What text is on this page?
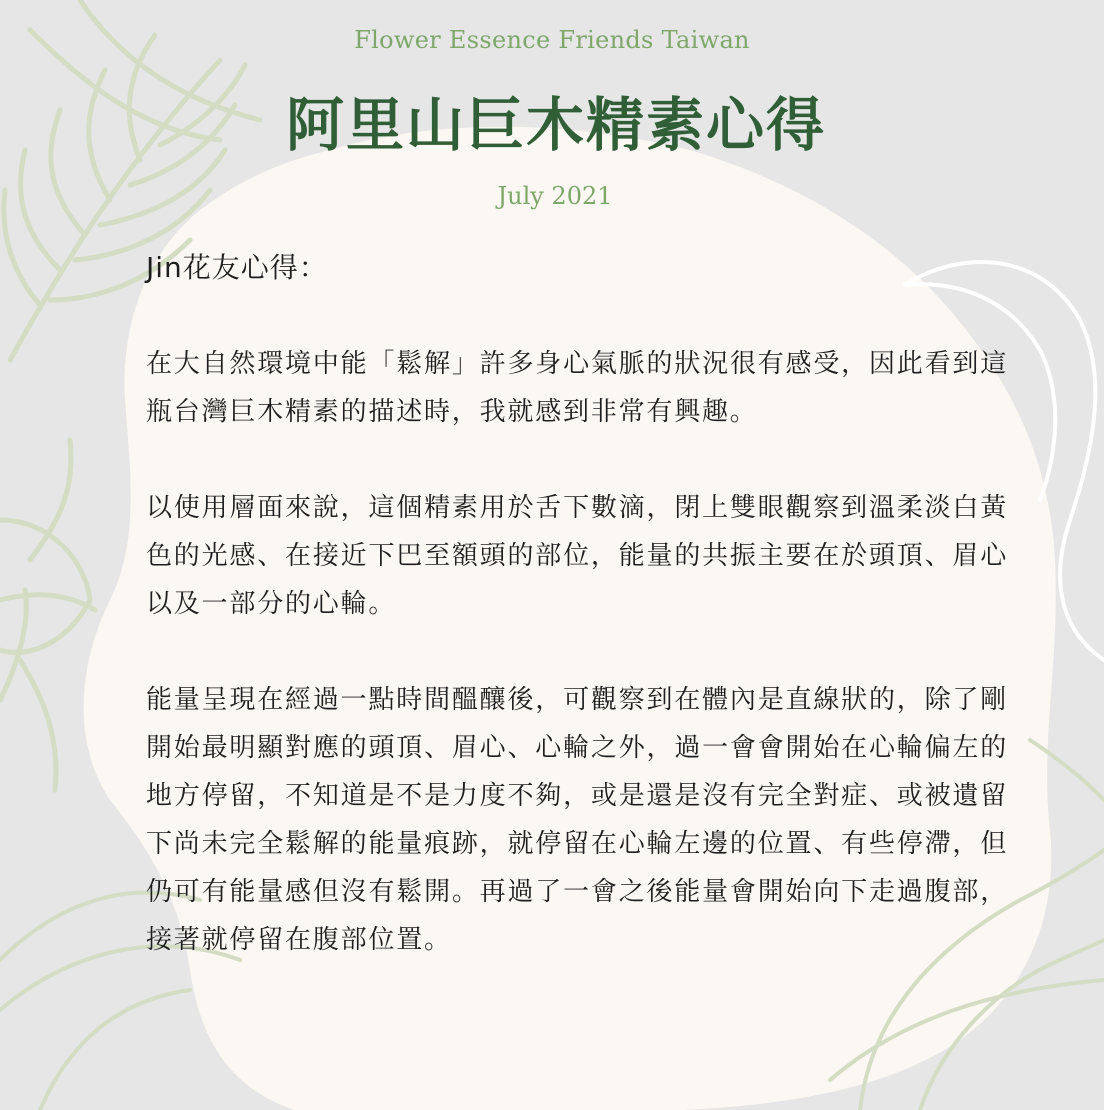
Flower Essence Friends Taiwan
阿里山巨木精素心得
July 2021

Jin花友心得：

在大自然環境中能「鬆解」許多身心氣脈的狀況很有感受，因此看到這瓶台灣巨木精素的描述時，我就感到非常有興趣。

以使用層面來說，這個精素用於舌下數滴，閉上雙眼觀察到溫柔淡白黃色的光感、在接近下巴至額頭的部位，能量的共振主要在於頭頂、眉心以及一部分的心輪。

能量呈現在經過一點時間醞釀後，可觀察到在體內是直線狀的，除了剛開始最明顯對應的頭頂、眉心、心輪之外，過一會會開始在心輪偏左的地方停留，不知道是不是力度不夠，或是還是沒有完全對症、或被遺留下尚未完全鬆解的能量痕跡，就停留在心輪左邊的位置、有些停滯，但仍可有能量感但沒有鬆開。再過了一會之後能量會開始向下走過腹部，接著就停留在腹部位置。
